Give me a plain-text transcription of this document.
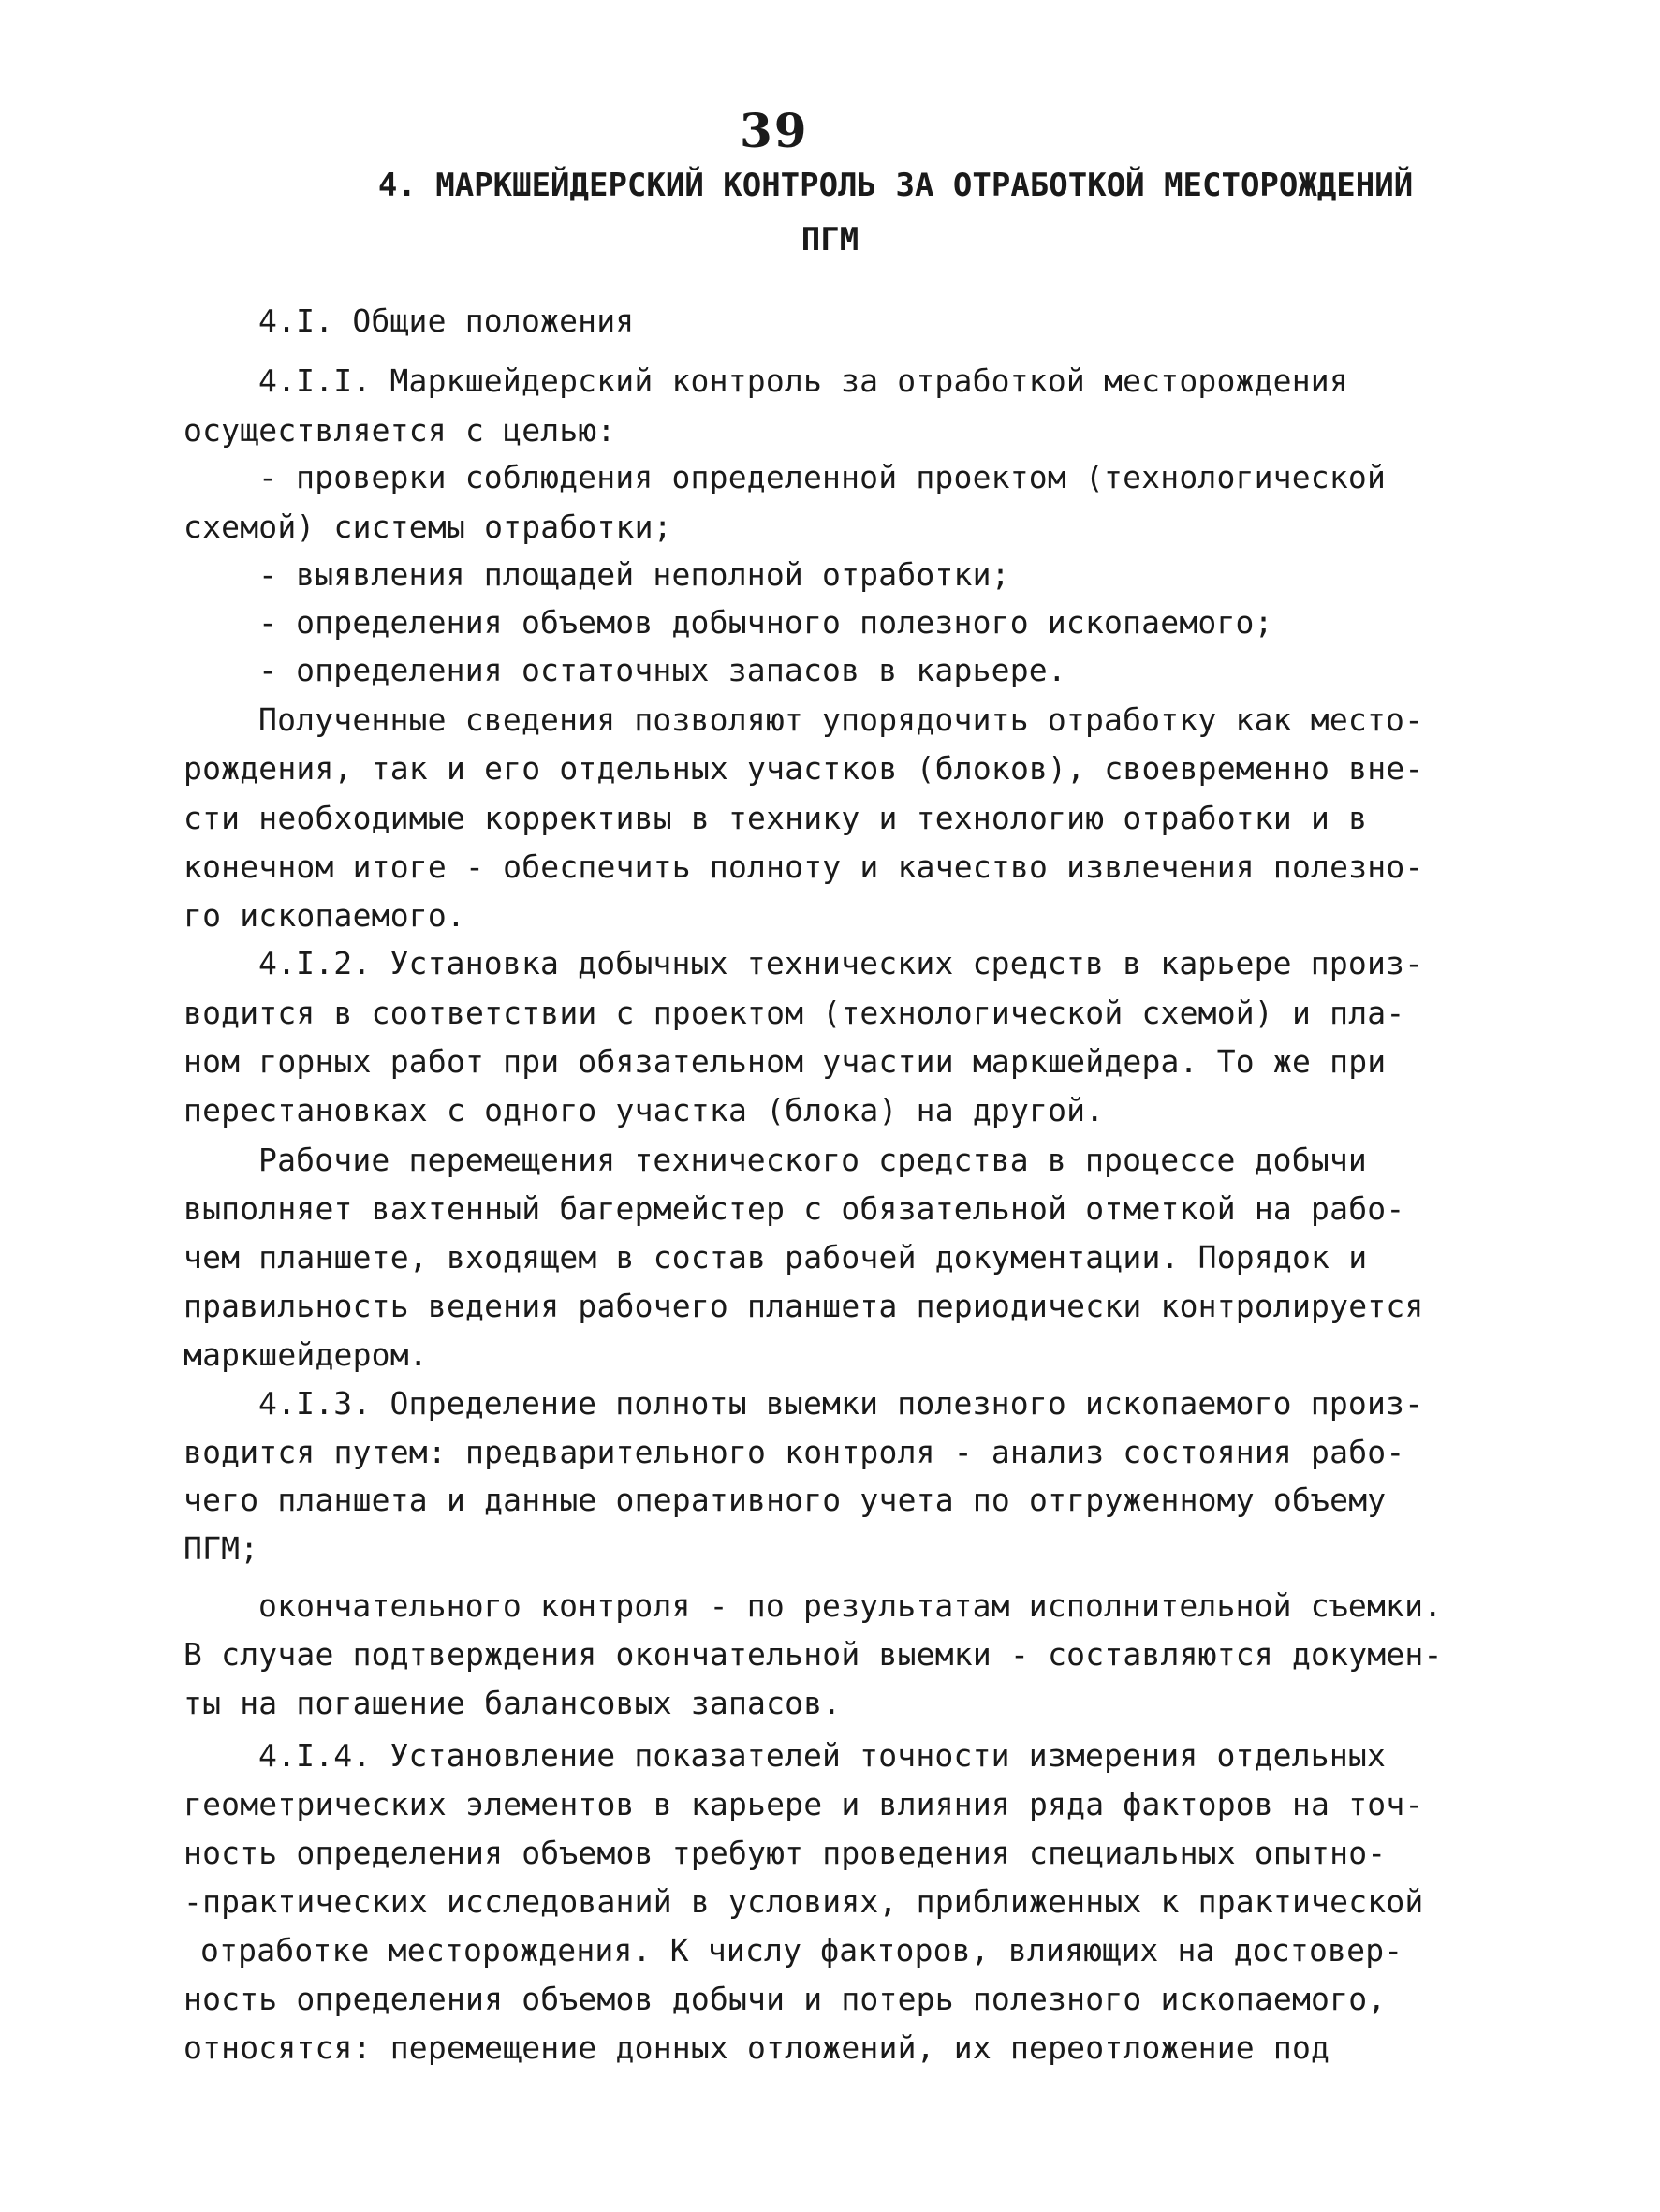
39
4. МАРКШЕЙДЕРСКИЙ КОНТРОЛЬ ЗА ОТРАБОТКОЙ МЕСТОРОЖДЕНИЙ
ПГМ
4.I. Общие положения
4.I.I. Маркшейдерский контроль за отработкой месторождения
осуществляется с целью:
- проверки соблюдения определенной проектом (технологической
схемой) системы отработки;
- выявления площадей неполной отработки;
- определения объемов добычного полезного ископаемого;
- определения остаточных запасов в карьере.
Полученные сведения позволяют упорядочить отработку как место-
рождения, так и его отдельных участков (блоков), своевременно вне-
сти необходимые коррективы в технику и технологию отработки и в
конечном итоге - обеспечить полноту и качество извлечения полезно-
го ископаемого.
4.I.2. Установка добычных технических средств в карьере произ-
водится в соответствии с проектом (технологической схемой) и пла-
ном горных работ при обязательном участии маркшейдера. То же при
перестановках с одного участка (блока) на другой.
Рабочие перемещения технического средства в процессе добычи
выполняет вахтенный багермейстер с обязательной отметкой на рабо-
чем планшете, входящем в состав рабочей документации. Порядок и
правильность ведения рабочего планшета периодически контролируется
маркшейдером.
4.I.3. Определение полноты выемки полезного ископаемого произ-
водится путем: предварительного контроля - анализ состояния рабо-
чего планшета и данные оперативного учета по отгруженному объему
ПГМ;
окончательного контроля - по результатам исполнительной съемки.
В случае подтверждения окончательной выемки - составляются докумен-
ты на погашение балансовых запасов.
4.I.4. Установление показателей точности измерения отдельных
геометрических элементов в карьере и влияния ряда факторов на точ-
ность определения объемов требуют проведения специальных опытно-
-практических исследований в условиях, приближенных к практической
отработке месторождения. К числу факторов, влияющих на достовер-
ность определения объемов добычи и потерь полезного ископаемого,
относятся: перемещение донных отложений, их переотложение под
